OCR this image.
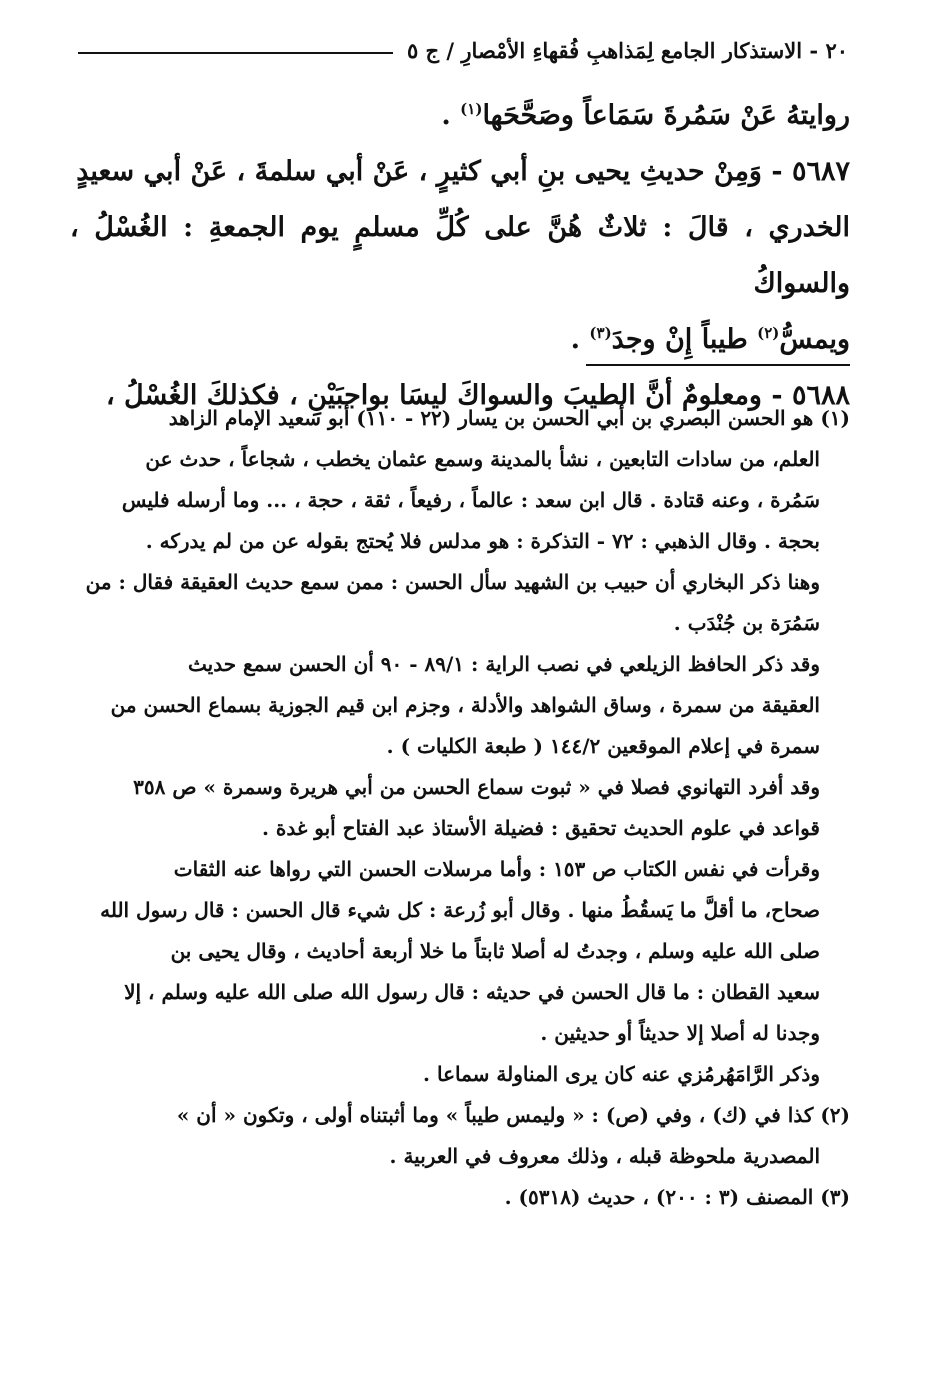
٢٠ - الاستذكار الجامع لِمَذاهبِ فُقهاءِ الأمْصارِ / ج ٥

روايتهُ عَنْ سَمُرةَ سَمَاعاً وصَحَّحَها$^{(١)}$ .

٥٦٨٧ - وَمِنْ حديثِ يحيى بنِ أبي كثيرٍ ، عَنْ أبي سلمةَ ، عَنْ أبي سعيدٍ

الخدري ، قالَ : ثلاثٌ هُنَّ على كُلِّ مسلمٍ يوم الجمعةِ : الغُسْلُ ، والسواكُ

ويمسُّ$^{(٢)}$ طيباً إِنْ وجدَ$^{(٣)}$ .

٥٦٨٨ - ومعلومٌ أنَّ الطيبَ والسواكَ ليسَا بواجبَيْنِ ، فكذلكَ الغُسْلُ ،

(١) هو الحسن البصري بن أبي الحسن بن يسار (٢٢ - ١١٠) أبو سعيد الإمام الزاهد

العلم، من سادات التابعين ، نشأ بالمدينة وسمع عثمان يخطب ، شجاعاً ، حدث عن

سَمُرة ، وعنه قتادة . قال ابن سعد : عالماً ، رفيعاً ، ثقة ، حجة ، ... وما أرسله فليس

بحجة . وقال الذهبي : ٧٢ - التذكرة : هو مدلس فلا يُحتج بقوله عن من لم يدركه .

وهنا ذكر البخاري أن حبيب بن الشهيد سأل الحسن : ممن سمع حديث العقيقة فقال : من

سَمُرَة بن جُنْدَب .

وقد ذكر الحافظ الزيلعي في نصب الراية : ٨٩/١ - ٩٠ أن الحسن سمع حديث

العقيقة من سمرة ، وساق الشواهد والأدلة ، وجزم ابن قيم الجوزية بسماع الحسن من

سمرة في إعلام الموقعين ١٤٤/٢ ( طبعة الكليات ) .

وقد أفرد التهانوي فصلا في « ثبوت سماع الحسن من أبي هريرة وسمرة » ص ٣٥٨

قواعد في علوم الحديث تحقيق : فضيلة الأستاذ عبد الفتاح أبو غدة .

وقرأت في نفس الكتاب ص ١٥٣ : وأما مرسلات الحسن التي رواها عنه الثقات

صحاح، ما أقلَّ ما يَسقُطُ منها . وقال أبو زُرعة : كل شيء قال الحسن : قال رسول الله

صلى الله عليه وسلم ، وجدتُ له أصلا ثابتاً ما خلا أربعة أحاديث ، وقال يحيى بن

سعيد القطان : ما قال الحسن في حديثه : قال رسول الله صلى الله عليه وسلم ، إلا

وجدنا له أصلا إلا حديثاً أو حديثين .

وذكر الرَّامَهُرمُزي عنه كان يرى المناولة سماعا .

(٢) كذا في (ك) ، وفي (ص) : « وليمس طيباً » وما أثبتناه أولى ، وتكون « أن »

المصدرية ملحوظة قبله ، وذلك معروف في العربية .

(٣) المصنف (٣ : ٢٠٠) ، حديث (٥٣١٨) .
